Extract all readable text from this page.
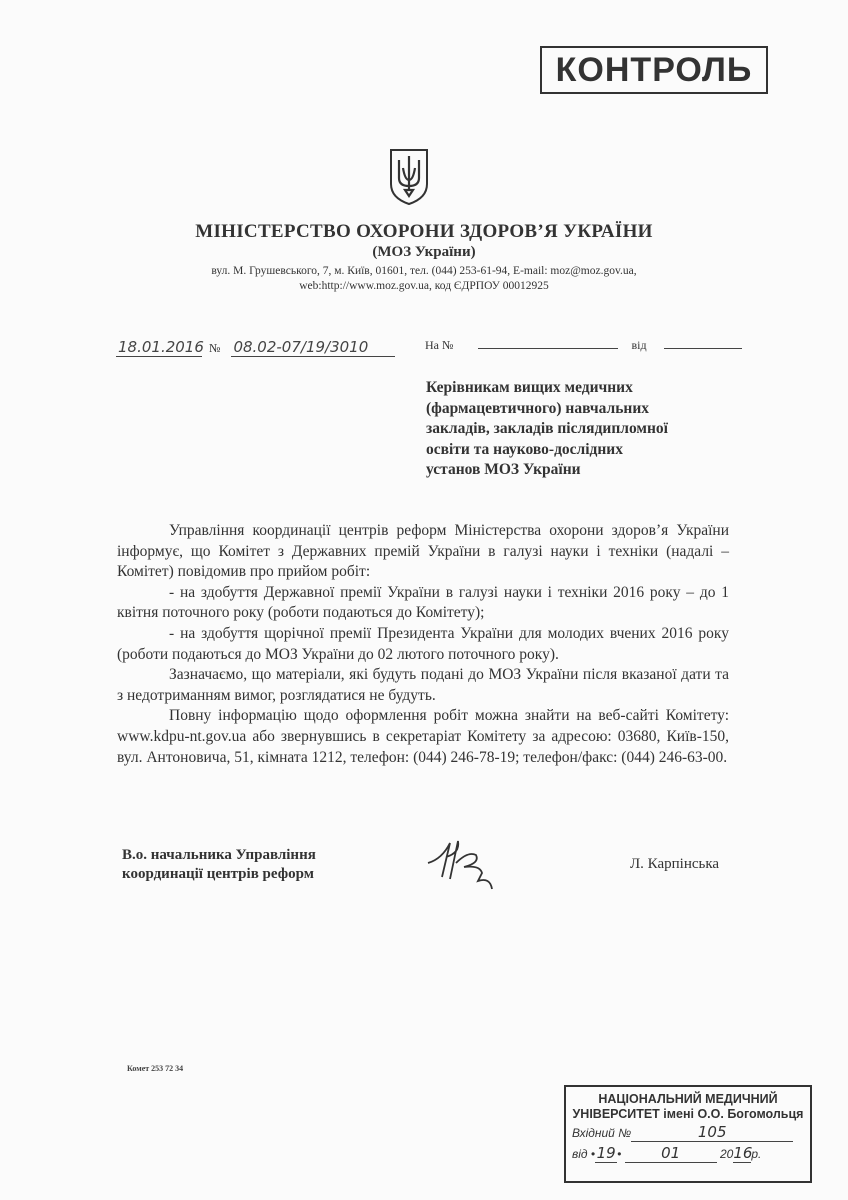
КОНТРОЛЬ
МІНІСТЕРСТВО ОХОРОНИ ЗДОРОВ’Я УКРАЇНИ
(МОЗ України)
вул. М. Грушевського, 7, м. Київ, 01601, тел. (044) 253-61-94, E-mail: moz@moz.gov.ua,
web:http://www.moz.gov.ua, код ЄДРПОУ 00012925
18.01.2016 № 08.02-07/19/3010	На №	від
Керівникам вищих медичних
(фармацевтичного) навчальних
закладів, закладів післядипломної
освіти та науково-дослідних
установ МОЗ України

Управління координації центрів реформ Міністерства охорони здоров’я України інформує, що Комітет з Державних премій України в галузі науки і техніки (надалі – Комітет) повідомив про прийом робіт:

- на здобуття Державної премії України в галузі науки і техніки 2016 року – до 1 квітня поточного року (роботи подаються до Комітету);

- на здобуття щорічної премії Президента України для молодих вчених 2016 року (роботи подаються до МОЗ України до 02 лютого поточного року).

Зазначаємо, що матеріали, які будуть подані до МОЗ України після вказаної дати та з недотриманням вимог, розглядатися не будуть.

Повну інформацію щодо оформлення робіт можна знайти на веб-сайті Комітету: www.kdpu-nt.gov.ua або звернувшись в секретаріат Комітету за адресою: 03680, Київ-150, вул. Антоновича, 51, кімната 1212, телефон: (044) 246-78-19; телефон/факс: (044) 246-63-00.

В.о. начальника Управління
координації центрів реформ
Л. Карпінська
Комет 253 72 34
НАЦІОНАЛЬНИЙ МЕДИЧНИЙ
УНІВЕРСИТЕТ імені О.О. Богомольця
Вхідний №	105
від •19•	01	2016р.
